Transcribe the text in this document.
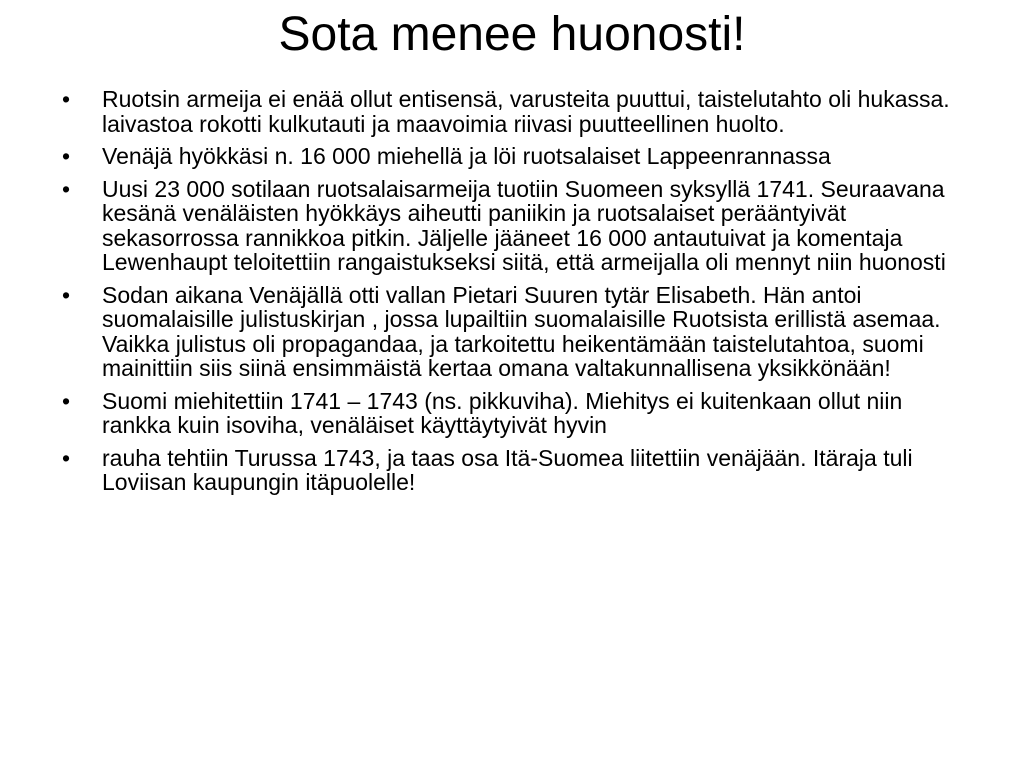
Sota menee huonosti!
•	Ruotsin armeija ei enää ollut entisensä, varusteita puuttui, taistelutahto oli hukassa. laivastoa rokotti kulkutauti ja maavoimia riivasi puutteellinen huolto.
•	Venäjä hyökkäsi n. 16 000 miehellä ja löi ruotsalaiset Lappeenrannassa
•	Uusi 23 000 sotilaan ruotsalaisarmeija tuotiin Suomeen syksyllä 1741. Seuraavana kesänä venäläisten hyökkäys aiheutti paniikin ja ruotsalaiset perääntyivät sekasorrossa rannikkoa pitkin. Jäljelle jääneet 16 000 antautuivat ja komentaja Lewenhaupt teloitettiin rangaistukseksi siitä, että armeijalla oli mennyt niin huonosti
•	Sodan aikana Venäjällä otti vallan Pietari Suuren tytär Elisabeth. Hän antoi suomalaisille julistuskirjan , jossa lupailtiin suomalaisille Ruotsista erillistä asemaa. Vaikka julistus oli propagandaa, ja tarkoitettu heikentämään taistelutahtoa, suomi mainittiin siis siinä ensimmäistä kertaa omana valtakunnallisena yksikkönään!
•	Suomi miehitettiin 1741 – 1743 (ns. pikkuviha). Miehitys ei kuitenkaan ollut niin rankka kuin isoviha, venäläiset käyttäytyivät hyvin
•	rauha tehtiin Turussa 1743, ja taas osa Itä-Suomea liitettiin venäjään. Itäraja tuli Loviisan kaupungin itäpuolelle!
